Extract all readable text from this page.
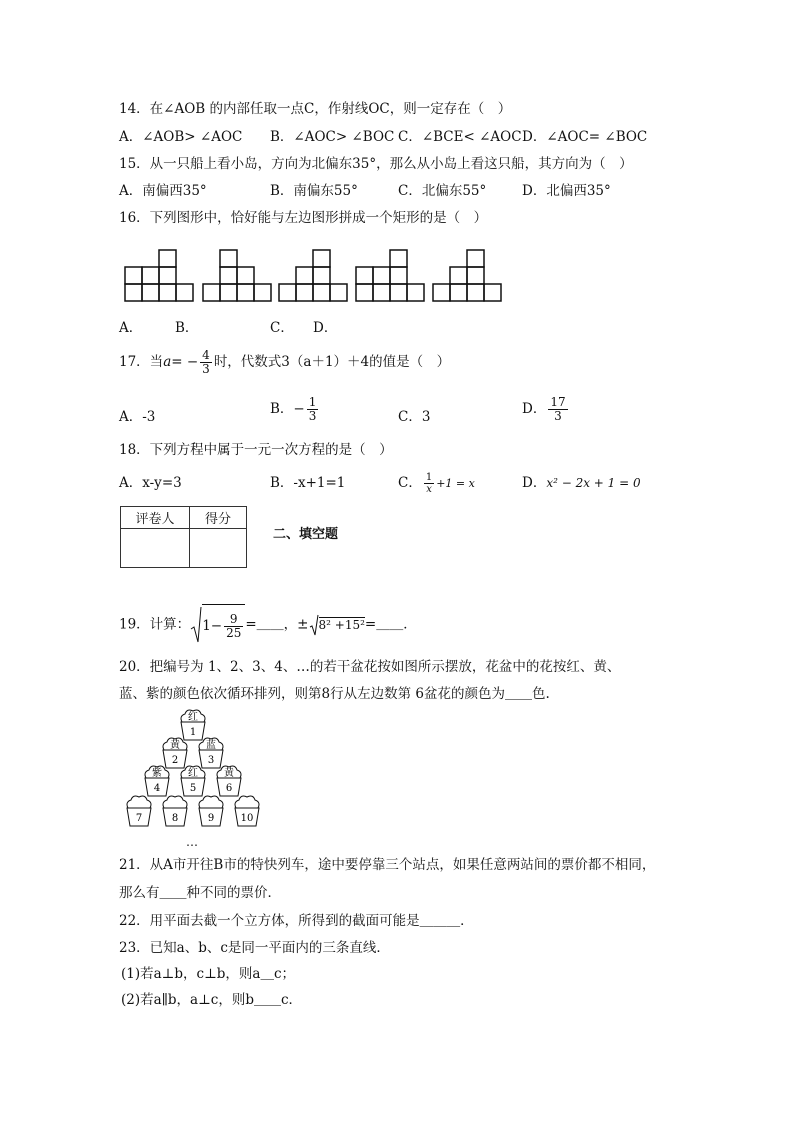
14．在∠AOB 的内部任取一点C，作射线OC，则一定存在（　）
A．∠AOB> ∠AOC B．∠AOC> ∠BOC C．∠BCE< ∠AOC D．∠AOC= ∠BOC
15．从一只船上看小岛，方向为北偏东35°，那么从小岛上看这只船，其方向为（　）
A．南偏西35°	B．南偏东55°	C．北偏东55°	D．北偏西35°
16．下列图形中，恰好能与左边图形拼成一个矩形的是（　）
A． B．	C． D．
17．当$a= - \frac{4}{3}$ 时，代数式3（a＋1）＋4的值是（　）
A．-3	B．− $\frac{1}{3}$	C．3	D． $\frac{17}{3}$
18．下列方程中属于一元一次方程的是（　）
A．x-y=3	B．-x+1=1	C． $\frac{1}{x} +1 = x$	D．x² − 2x + 1 = 0
评卷人	得分

二、填空题
19．计算： $1- \frac{9}{25}$ =＿＿，± 8² +15²=＿＿．
20．把编号为 1、2、3、4、…的若干盆花按如图所示摆放，花盆中的花按红、黄、
蓝、紫的颜色依次循环排列，则第8行从左边数第 6盆花的颜色为＿＿色.
红
1
黄
2
蓝
3
紫
4
红
5
黄
6
7	8	9	10
…
21．从A市开往B市的特快列车，途中要停靠三个站点，如果任意两站间的票价都不相同，
那么有＿＿种不同的票价．
22．用平面去截一个立方体，所得到的截面可能是＿＿＿．
23．已知a、b、c是同一平面内的三条直线．
(1)若a⊥b，c⊥b，则a＿c；
(2)若a∥b，a⊥c，则b＿＿c．
